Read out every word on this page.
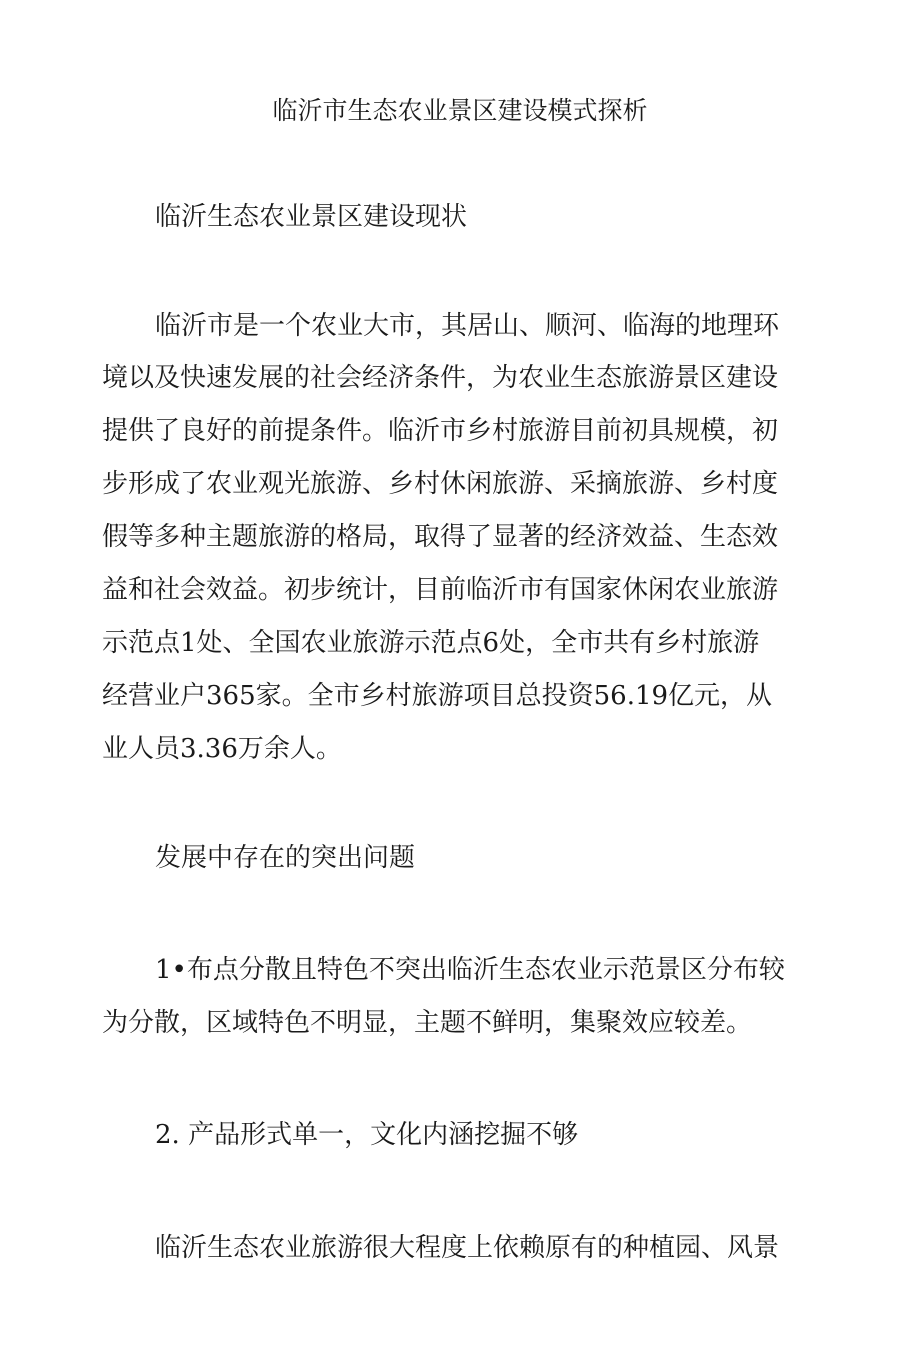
临沂市生态农业景区建设模式探析

临沂生态农业景区建设现状

临沂市是一个农业大市，其居山、顺河、临海的地理环

境以及快速发展的社会经济条件，为农业生态旅游景区建设

提供了良好的前提条件。临沂市乡村旅游目前初具规模，初

步形成了农业观光旅游、乡村休闲旅游、采摘旅游、乡村度

假等多种主题旅游的格局，取得了显著的经济效益、生态效

益和社会效益。初步统计，目前临沂市有国家休闲农业旅游

示范点1处、全国农业旅游示范点6处，全市共有乡村旅游

经营业户365家。全市乡村旅游项目总投资56.19亿元，从

业人员3.36万余人。

发展中存在的突出问题

1•布点分散且特色不突出临沂生态农业示范景区分布较

为分散，区域特色不明显，主题不鲜明，集聚效应较差。

2. 产品形式单一，文化内涵挖掘不够

临沂生态农业旅游很大程度上依赖原有的种植园、风景
